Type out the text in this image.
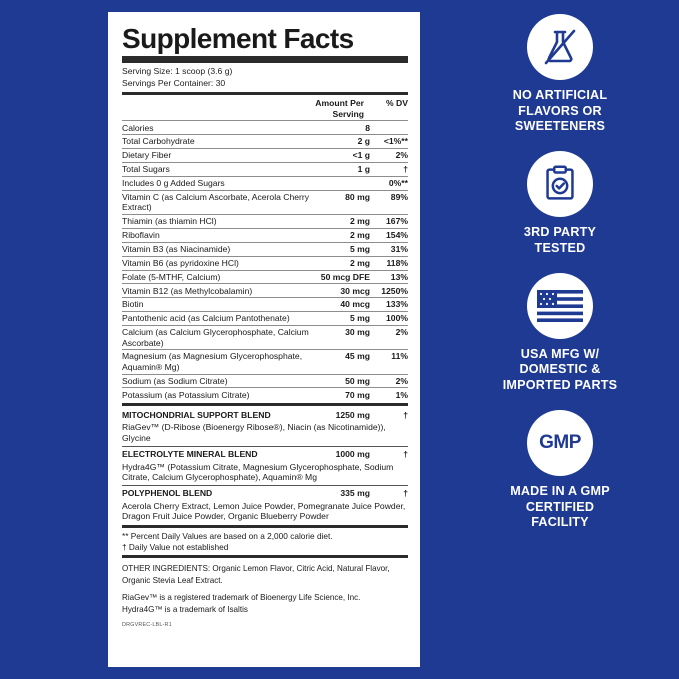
Supplement Facts
Serving Size: 1 scoop (3.6 g)
Servings Per Container: 30
	Amount Per Serving	% DV
Calories	8	
Total Carbohydrate	2 g	<1%**
Dietary Fiber	<1 g	2%
Total Sugars	1 g	†
Includes 0 g Added Sugars		0%**
Vitamin C (as Calcium Ascorbate, Acerola Cherry Extract)	80 mg	89%
Thiamin (as thiamin HCl)	2 mg	167%
Riboflavin	2 mg	154%
Vitamin B3 (as Niacinamide)	5 mg	31%
Vitamin B6 (as pyridoxine HCl)	2 mg	118%
Folate (5-MTHF, Calcium)	50 mcg DFE	13%
Vitamin B12 (as Methylcobalamin)	30 mcg	1250%
Biotin	40 mcg	133%
Pantothenic acid (as Calcium Pantothenate)	5 mg	100%
Calcium (as Calcium Glycerophosphate, Calcium Ascorbate)	30 mg	2%
Magnesium (as Magnesium Glycerophosphate, Aquamin® Mg)	45 mg	11%
Sodium (as Sodium Citrate)	50 mg	2%
Potassium (as Potassium Citrate)	70 mg	1%
MITOCHONDRIAL SUPPORT BLEND	1250 mg	†
RiaGev™ (D-Ribose (Bioenergy Ribose®), Niacin (as Nicotinamide)), Glycine
ELECTROLYTE MINERAL BLEND	1000 mg	†
Hydra4G™ (Potassium Citrate, Magnesium Glycerophosphate, Sodium Citrate, Calcium Glycerophosphate), Aquamin® Mg
POLYPHENOL BLEND	335 mg	†
Acerola Cherry Extract, Lemon Juice Powder, Pomegranate Juice Powder, Dragon Fruit Juice Powder, Organic Blueberry Powder
** Percent Daily Values are based on a 2,000 calorie diet.
† Daily Value not established
OTHER INGREDIENTS: Organic Lemon Flavor, Citric Acid, Natural Flavor, Organic Stevia Leaf Extract.
RiaGev™ is a registered trademark of Bioenergy Life Science, Inc.
Hydra4G™ is a trademark of Isaltis
DRGVREC-LBL-R1
NO ARTIFICIAL
FLAVORS OR
SWEETENERS
3RD PARTY
TESTED
USA MFG W/
DOMESTIC &
IMPORTED PARTS
GMP
MADE IN A GMP
CERTIFIED
FACILITY
